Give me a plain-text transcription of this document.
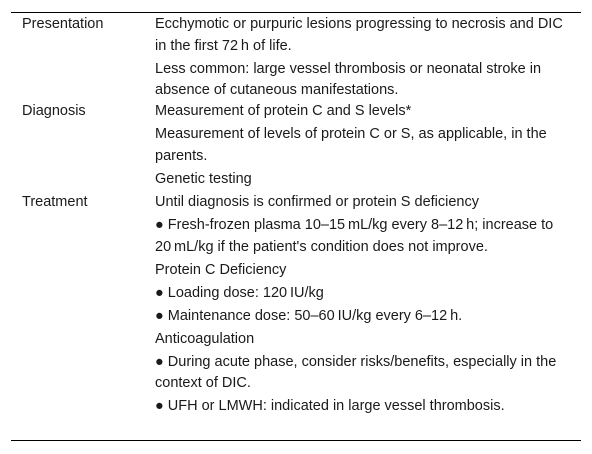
Presentation	Ecchymotic or purpuric lesions progressing to necrosis and DIC in the first 72 h of life.

Less common: large vessel thrombosis or neonatal stroke in absence of cutaneous manifestations.

Diagnosis	Measurement of protein C and S levels*

Measurement of levels of protein C or S, as applicable, in the parents.

Genetic testing

Treatment	Until diagnosis is confirmed or protein S deficiency

● Fresh-frozen plasma 10–15 mL/kg every 8–12 h; increase to 20 mL/kg if the patient's condition does not improve.

Protein C Deficiency

● Loading dose: 120 IU/kg

● Maintenance dose: 50–60 IU/kg every 6–12 h.

Anticoagulation

● During acute phase, consider risks/benefits, especially in the context of DIC.

● UFH or LMWH: indicated in large vessel thrombosis.
